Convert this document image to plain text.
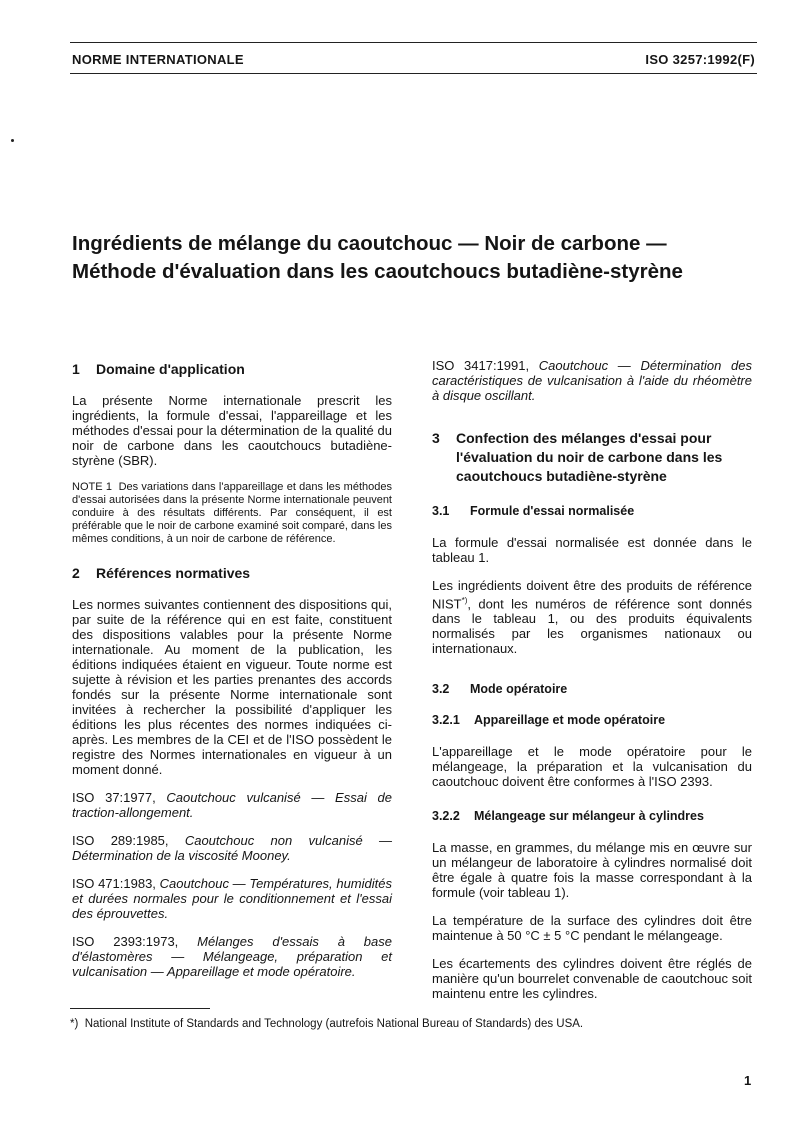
NORME INTERNATIONALE	ISO 3257:1992(F)
Ingrédients de mélange du caoutchouc — Noir de carbone —
Méthode d'évaluation dans les caoutchoucs butadiène-styrène
1 Domaine d'application

La présente Norme internationale prescrit les ingrédients, la formule d'essai, l'appareillage et les méthodes d'essai pour la détermination de la qualité du noir de carbone dans les caoutchoucs butadiène-styrène (SBR).

NOTE 1 Des variations dans l'appareillage et dans les méthodes d'essai autorisées dans la présente Norme internationale peuvent conduire à des résultats différents. Par conséquent, il est préférable que le noir de carbone examiné soit comparé, dans les mêmes conditions, à un noir de carbone de référence.
2 Références normatives

Les normes suivantes contiennent des dispositions qui, par suite de la référence qui en est faite, constituent des dispositions valables pour la présente Norme internationale. Au moment de la publication, les éditions indiquées étaient en vigueur. Toute norme est sujette à révision et les parties prenantes des accords fondés sur la présente Norme internationale sont invitées à rechercher la possibilité d'appliquer les éditions les plus récentes des normes indiquées ci-après. Les membres de la CEI et de l'ISO possèdent le registre des Normes internationales en vigueur à un moment donné.

ISO 37:1977, Caoutchouc vulcanisé — Essai de traction-allongement.
ISO 289:1985, Caoutchouc non vulcanisé — Détermination de la viscosité Mooney.
ISO 471:1983, Caoutchouc — Températures, humidités et durées normales pour le conditionnement et l'essai des éprouvettes.
ISO 2393:1973, Mélanges d'essais à base d'élastomères — Mélangeage, préparation et vulcanisation — Appareillage et mode opératoire.
ISO 3417:1991, Caoutchouc — Détermination des caractéristiques de vulcanisation à l'aide du rhéomètre à disque oscillant.
3	Confection des mélanges d'essai pour l'évaluation du noir de carbone dans les caoutchoucs butadiène-styrène
3.1 Formule d'essai normalisée

La formule d'essai normalisée est donnée dans le tableau 1.

Les ingrédients doivent être des produits de référence NIST*), dont les numéros de référence sont donnés dans le tableau 1, ou des produits équivalents normalisés par les organismes nationaux ou internationaux.

3.2 Mode opératoire
3.2.1 Appareillage et mode opératoire

L'appareillage et le mode opératoire pour le mélangeage, la préparation et la vulcanisation du caoutchouc doivent être conformes à l'ISO 2393.

3.2.2 Mélangeage sur mélangeur à cylindres

La masse, en grammes, du mélange mis en œuvre sur un mélangeur de laboratoire à cylindres normalisé doit être égale à quatre fois la masse correspondant à la formule (voir tableau 1).

La température de la surface des cylindres doit être maintenue à 50 °C ± 5 °C pendant le mélangeage.

Les écartements des cylindres doivent être réglés de manière qu'un bourrelet convenable de caoutchouc soit maintenu entre les cylindres.

*) National Institute of Standards and Technology (autrefois National Bureau of Standards) des USA.
1
